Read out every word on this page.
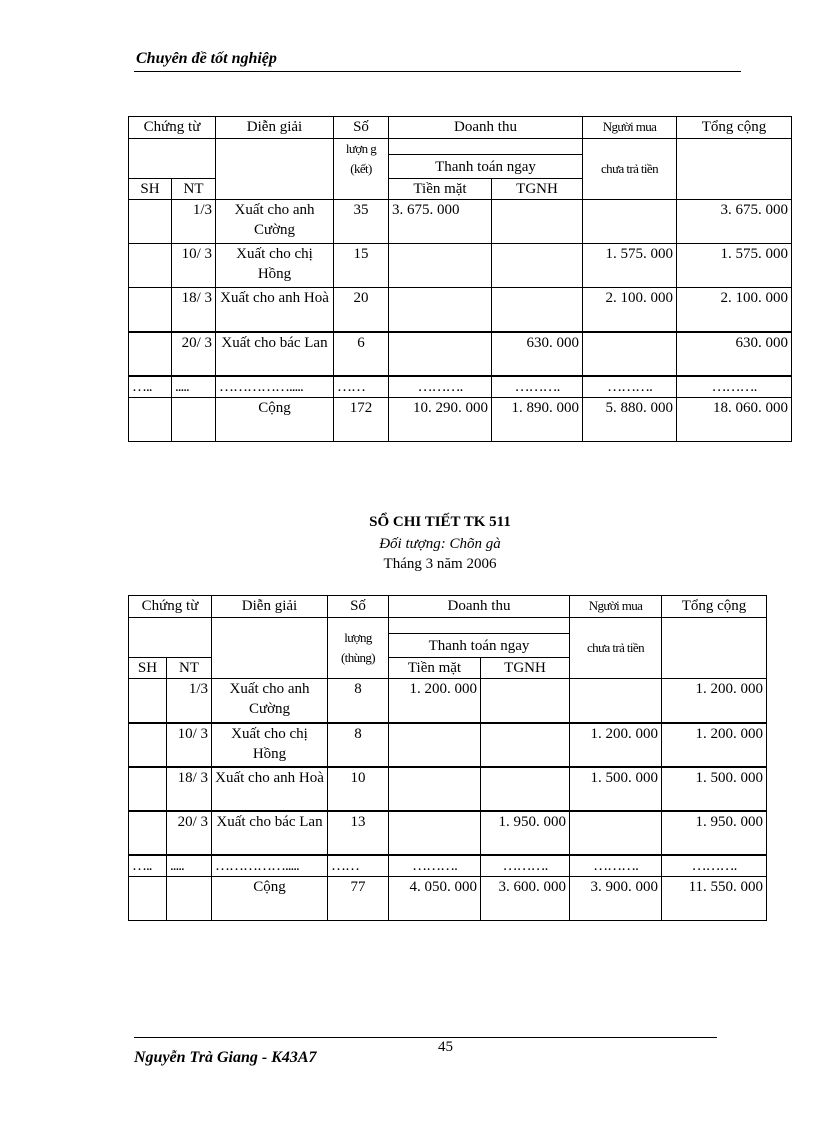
Chuyên đề tốt nghiệp
Chứng từ		Diễn giải	Số	Doanh thu		Người mua	Tổng cộng
			lượn g (kết)			chưa trả tiền	
				Thanh toán ngay			
SH	NT			Tiền mặt	TGNH		
	1/3	Xuất cho anh Cường	35	3. 675. 000			3. 675. 000
	10/ 3	Xuất cho chị Hồng	15			1. 575. 000	1. 575. 000
	18/ 3	Xuất cho anh Hoà	20			2. 100. 000	2. 100. 000
	20/ 3	Xuất cho bác Lan	6		630. 000		630. 000
…..	.....	…………….....	……	……….	……….	……….	……….
		Cộng	172	10. 290. 000	1. 890. 000	5. 880. 000	18. 060. 000
SỔ CHI TIẾT TK 511
Đối tượng: Chõn gà
Tháng 3 năm 2006
Chứng từ		Diễn giải	Số	Doanh thu		Người mua	Tổng cộng
			lượng (thùng)			chưa trả tiền	
				Thanh toán ngay			
SH	NT			Tiền mặt	TGNH		
	1/3	Xuất cho anh Cường	8	1. 200. 000			1. 200. 000
	10/ 3	Xuất cho chị Hồng	8			1. 200. 000	1. 200. 000
	18/ 3	Xuất cho anh Hoà	10			1. 500. 000	1. 500. 000
	20/ 3	Xuất cho bác Lan	13		1. 950. 000		1. 950. 000
…..	.....	…………….....	……	……….	……….	……….	……….
		Cộng	77	4. 050. 000	3. 600. 000	3. 900. 000	11. 550. 000
45
Nguyễn Trà Giang - K43A7
